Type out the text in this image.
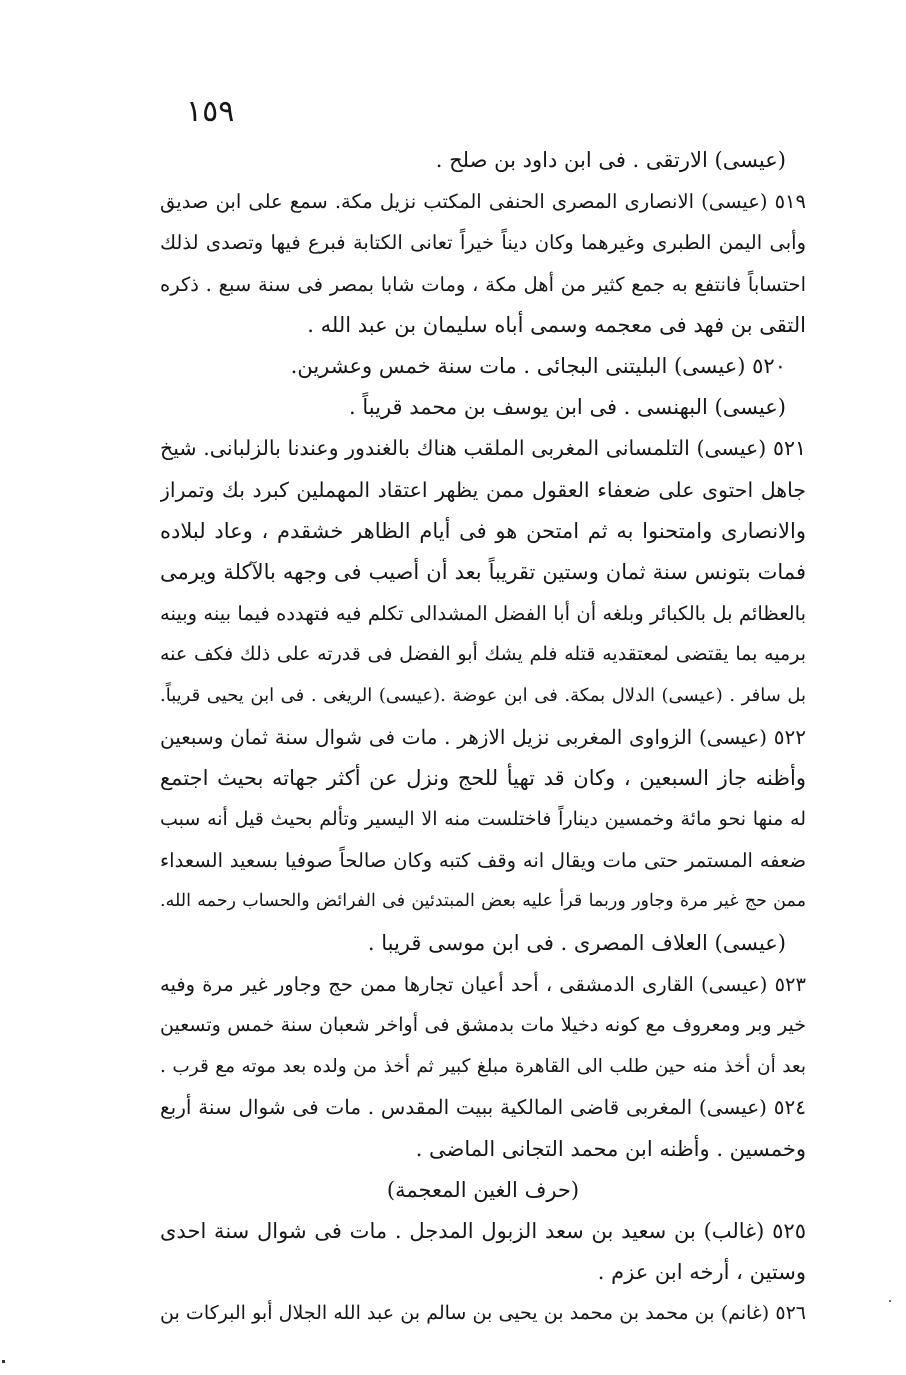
١٥٩
(عيسى) الارتقى . فى ابن داود بن صلح .
٥١٩ (عيسى) الانصارى المصرى الحنفى المكتب نزيل مكة. سمع على ابن صديق
وأبى اليمن الطبرى وغيرهما وكان ديناً خيراً تعانى الكتابة فبرع فيها وتصدى لذلك
احتساباً فانتفع به جمع كثير من أهل مكة ، ومات شابا بمصر فى سنة سبع . ذكره
التقى بن فهد فى معجمه وسمى أباه سليمان بن عبد الله .
٥٢٠ (عيسى) البليتنى البجائى . مات سنة خمس وعشرين.
(عيسى) البهنسى . فى ابن يوسف بن محمد قريباً .
٥٢١ (عيسى) التلمسانى المغربى الملقب هناك بالغندور وعندنا بالزلبانى. شيخ
جاهل احتوى على ضعفاء العقول ممن يظهر اعتقاد المهملين كبرد بك وتمراز
والانصارى وامتحنوا به ثم امتحن هو فى أيام الظاهر خشقدم ، وعاد لبلاده
فمات بتونس سنة ثمان وستين تقريباً بعد أن أصيب فى وجهه بالآكلة ويرمى
بالعظائم بل بالكبائر وبلغه أن أبا الفضل المشدالى تكلم فيه فتهدده فيما بينه وبينه
برميه بما يقتضى لمعتقديه قتله فلم يشك أبو الفضل فى قدرته على ذلك فكف عنه
بل سافر . (عيسى) الدلال بمكة. فى ابن عوضة .(عيسى) الريغى . فى ابن يحيى قريباً.
٥٢٢ (عيسى) الزواوى المغربى نزيل الازهر . مات فى شوال سنة ثمان وسبعين
وأظنه جاز السبعين ، وكان قد تهيأ للحج ونزل عن أكثر جهاته بحيث اجتمع
له منها نحو مائة وخمسين ديناراً فاختلست منه الا اليسير وتألم بحيث قيل أنه سبب
ضعفه المستمر حتى مات ويقال انه وقف كتبه وكان صالحاً صوفيا بسعيد السعداء
ممن حج غير مرة وجاور وربما قرأ عليه بعض المبتدئين فى الفرائض والحساب رحمه الله.
(عيسى) العلاف المصرى . فى ابن موسى قريبا .
٥٢٣ (عيسى) القارى الدمشقى ، أحد أعيان تجارها ممن حج وجاور غير مرة وفيه
خير وبر ومعروف مع كونه دخيلا مات بدمشق فى أواخر شعبان سنة خمس وتسعين
بعد أن أخذ منه حين طلب الى القاهرة مبلغ كبير ثم أخذ من ولده بعد موته مع قرب .
٥٢٤ (عيسى) المغربى قاضى المالكية ببيت المقدس . مات فى شوال سنة أربع
وخمسين . وأظنه ابن محمد التجانى الماضى .
(حرف الغين المعجمة)
٥٢٥ (غالب) بن سعيد بن سعد الزبول المدجل . مات فى شوال سنة احدى
وستين ، أرخه ابن عزم .
٥٢٦ (غانم) بن محمد بن محمد بن يحيى بن سالم بن عبد الله الجلال أبو البركات بن
